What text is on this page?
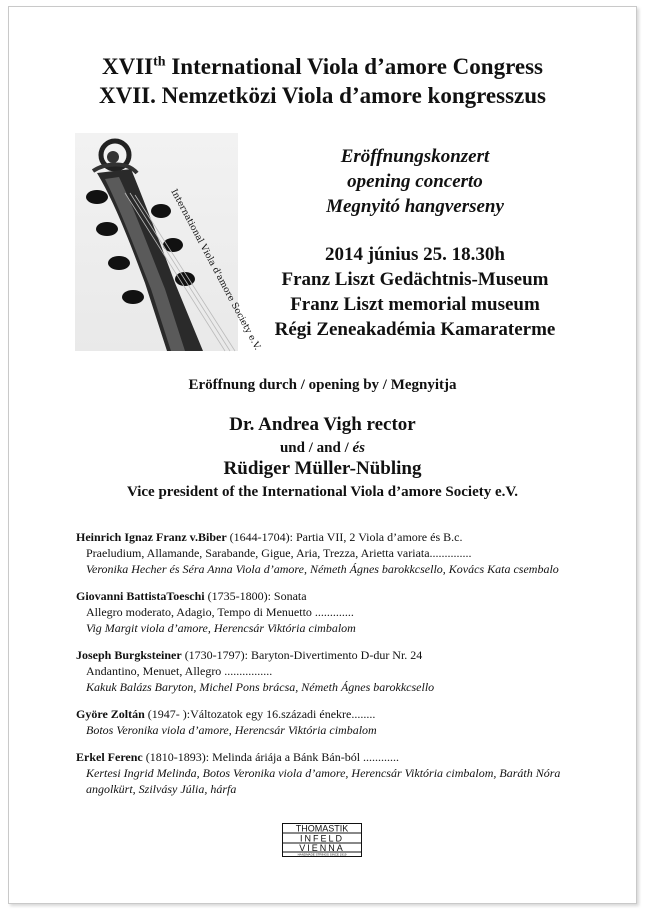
XVIIth International Viola d’amore Congress
XVII. Nemzetközi Viola d’amore kongresszus
International Viola d'amore Society e.V.
Eröffnungskonzert
opening concerto
Megnyitó hangverseny
2014 június 25. 18.30h
Franz Liszt Gedächtnis-Museum
Franz Liszt memorial museum
Régi Zeneakadémia Kamaraterme
Eröffnung durch / opening by / Megnyitja
Dr. Andrea Vigh rector
und / and / és
Rüdiger Müller-Nübling
Vice president of the International Viola d’amore Society e.V.
Heinrich Ignaz Franz v.Biber (1644-1704): Partia VII, 2 Viola d’amore és B.c.
Praeludium, Allamande, Sarabande, Gigue, Aria, Trezza, Arietta variata..............
Veronika Hecher és Séra Anna Viola d’amore, Németh Ágnes barokkcsello, Kovács Kata csembalo
Giovanni BattistaToeschi (1735-1800): Sonata
Allegro moderato, Adagio, Tempo di Menuetto .............
Vig Margit viola d’amore, Herencsár Viktória cimbalom
Joseph Burgksteiner (1730-1797): Baryton-Divertimento D-dur Nr. 24
Andantino, Menuet, Allegro ................
Kakuk Balázs Baryton, Michel Pons brácsa, Németh Ágnes barokkcsello
Györe Zoltán (1947- ):Változatok egy 16.századi énekre........
Botos Veronika viola d’amore, Herencsár Viktória cimbalom
Erkel Ferenc (1810-1893): Melinda áriája a Bánk Bán-ból ............
Kertesi Ingrid Melinda, Botos Veronika viola d’amore, Herencsár Viktória cimbalom, Baráth Nóra angolkürt, Szilvásy Júlia, hárfa
THOMASTIK
INFELD
VIENNA
HANDMADE STRINGS SINCE 1919
